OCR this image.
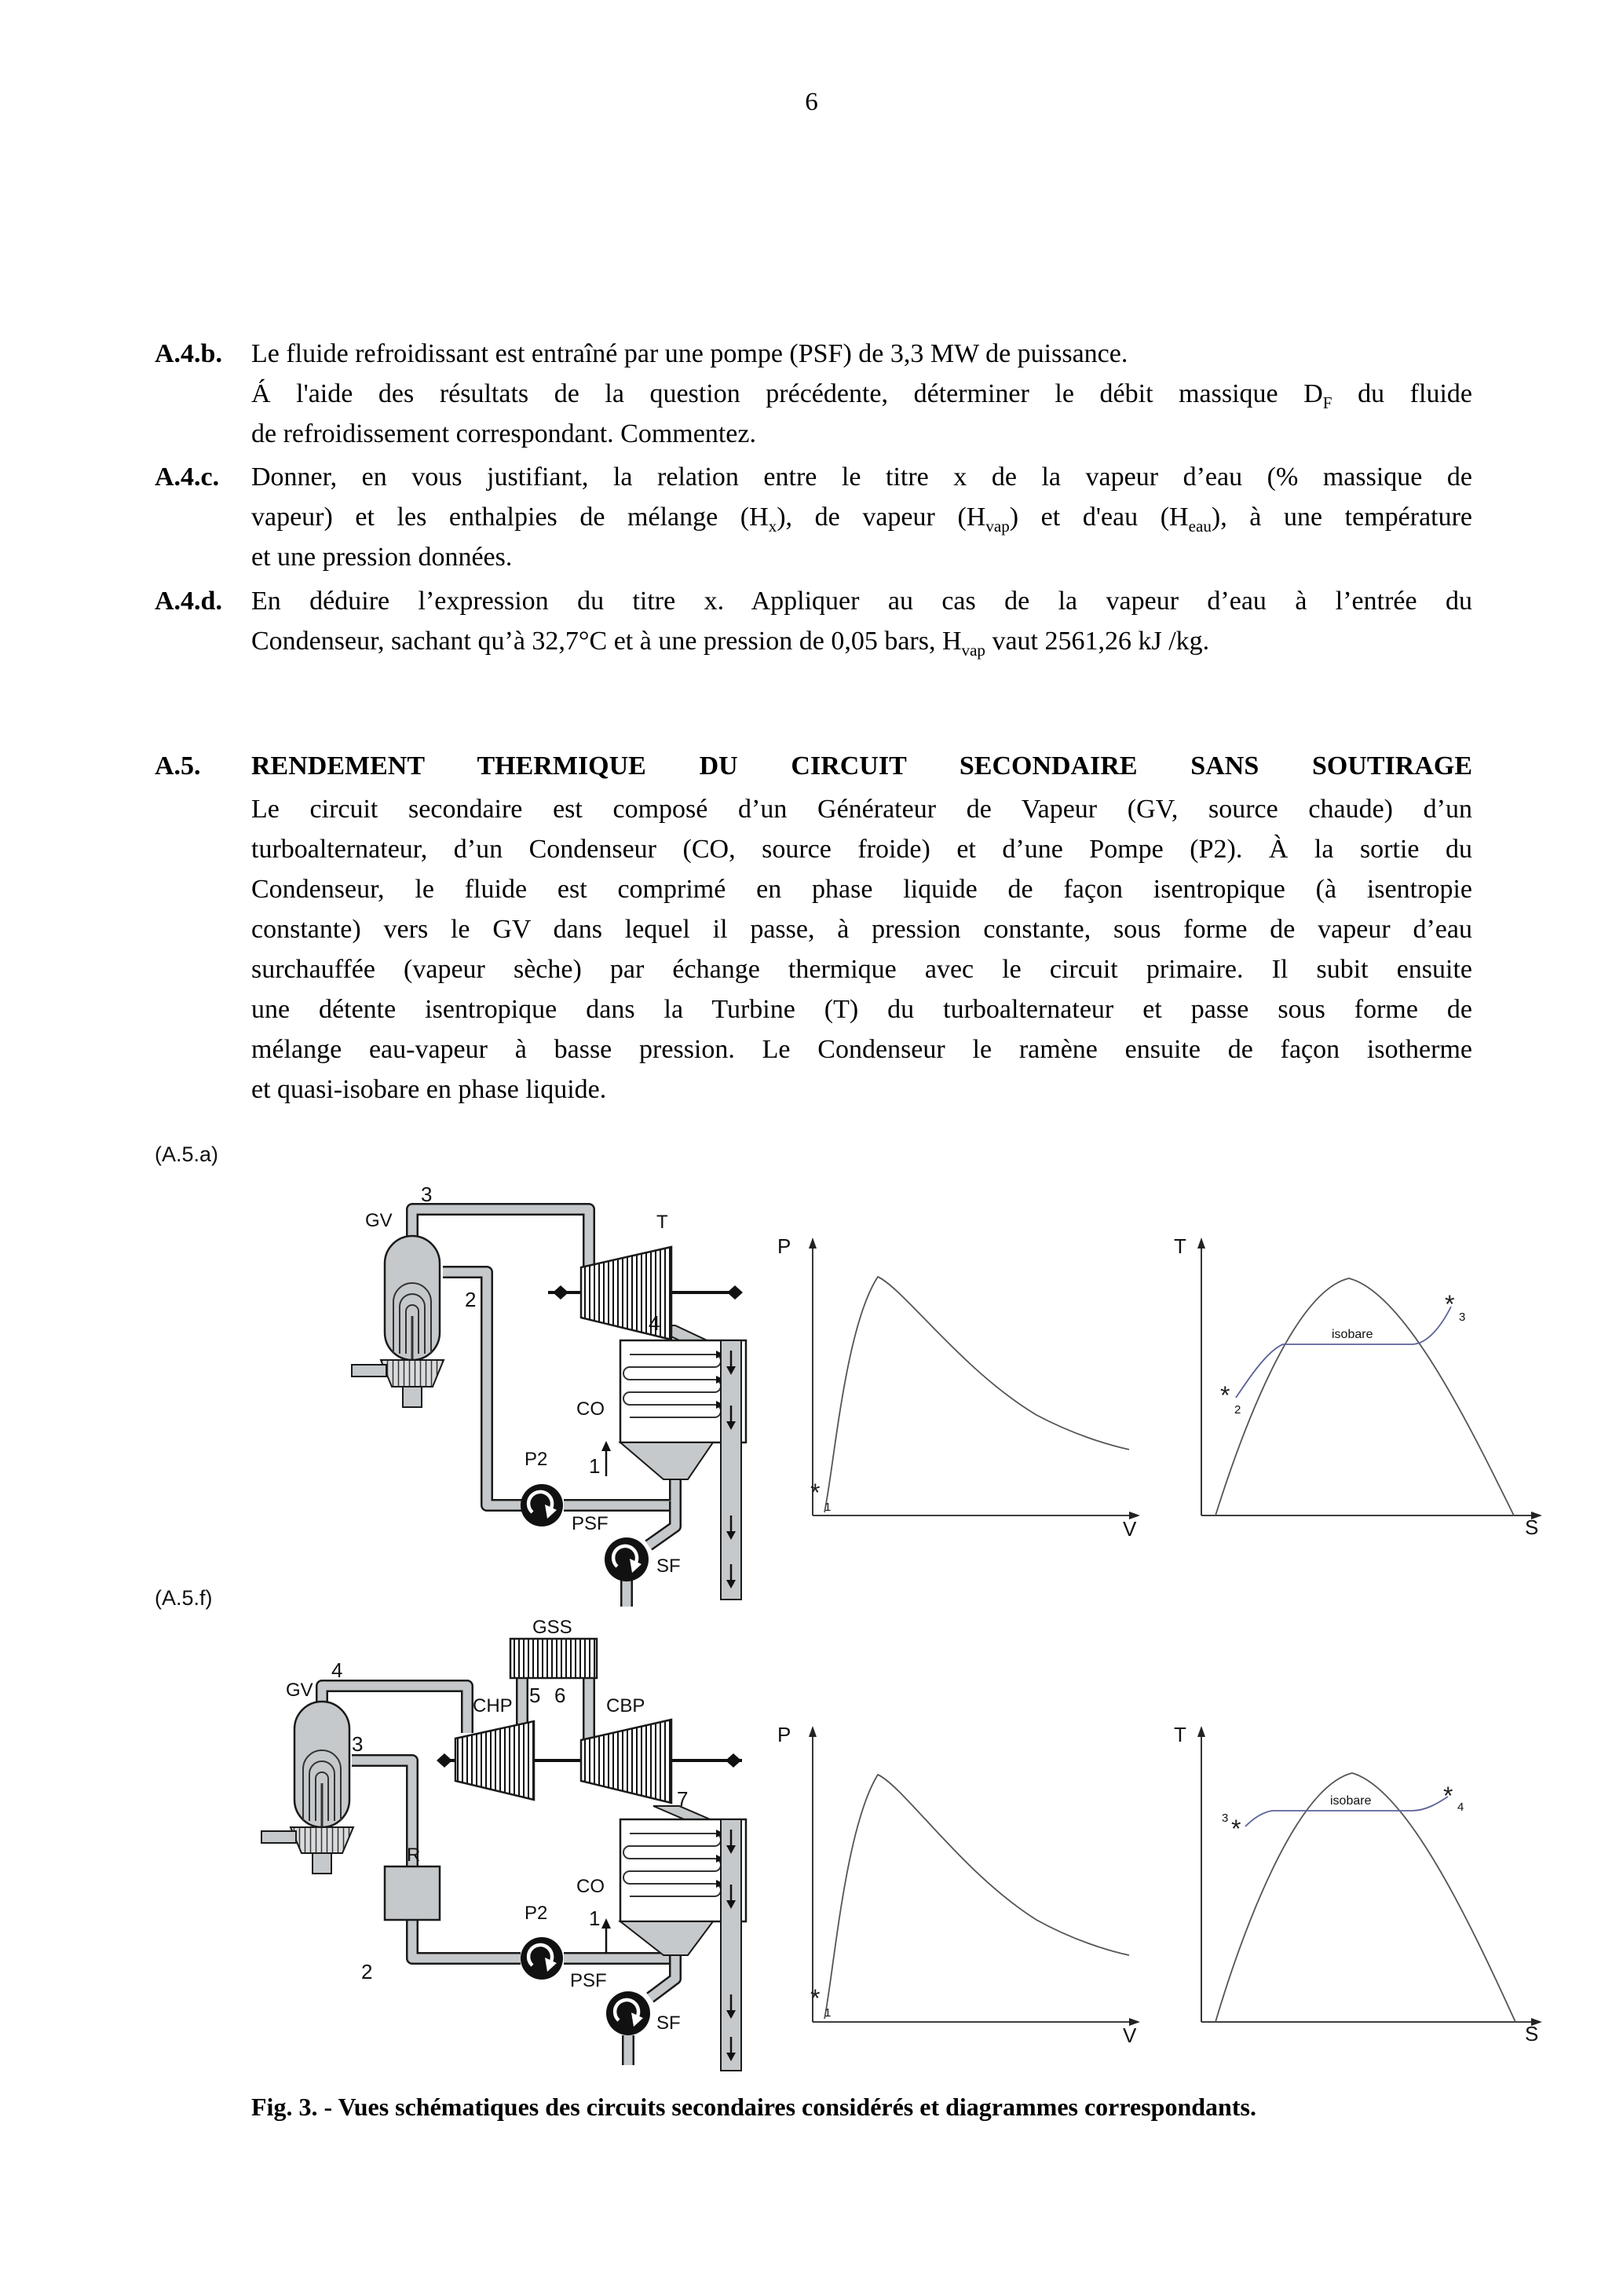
6
A.4.b. Le fluide refroidissant est entraîné par une pompe (PSF) de 3,3 MW de puissance.
Á l'aide des résultats de la question précédente, déterminer le débit massique $D_F$ du fluide
de refroidissement correspondant. Commentez.
A.4.c. Donner, en vous justifiant, la relation entre le titre x de la vapeur d’eau (% massique de
vapeur) et les enthalpies de mélange $(H_x)$, de vapeur $(H_{vap})$ et d'eau $(H_{eau})$, à une température
et une pression données.
A.4.d. En déduire l’expression du titre x. Appliquer au cas de la vapeur d’eau à l’entrée du
Condenseur, sachant qu’à 32,7°C et à une pression de 0,05 bars, $H_{vap}$ vaut 2561,26 kJ /kg.
A.5. RENDEMENT THERMIQUE DU CIRCUIT SECONDAIRE SANS SOUTIRAGE
Le circuit secondaire est composé d’un Générateur de Vapeur (GV, source chaude) d’un
turboalternateur, d’un Condenseur (CO, source froide) et d’une Pompe (P2). À la sortie du
Condenseur, le fluide est comprimé en phase liquide de façon isentropique (à isentropie
constante) vers le GV dans lequel il passe, à pression constante, sous forme de vapeur d’eau
surchauffée (vapeur sèche) par échange thermique avec le circuit primaire. Il subit ensuite
une détente isentropique dans la Turbine (T) du turboalternateur et passe sous forme de
mélange eau-vapeur à basse pression. Le Condenseur le ramène ensuite de façon isotherme
et quasi-isobare en phase liquide.
(A.5.a)
(A.5.f)
3
GV
2
T
4
CO
P2 1
PSF
SF
P
V
*
1
T
S
isobare
*
2
* 3
GSS
4
GV	5 6
CHP	CBP
3
7
CO
R
P2 1
2	PSF
SF
P
V
*
1
T
S
isobare
*
3
* 4
Fig. 3. - Vues schématiques des circuits secondaires considérés et diagrammes correspondants.
